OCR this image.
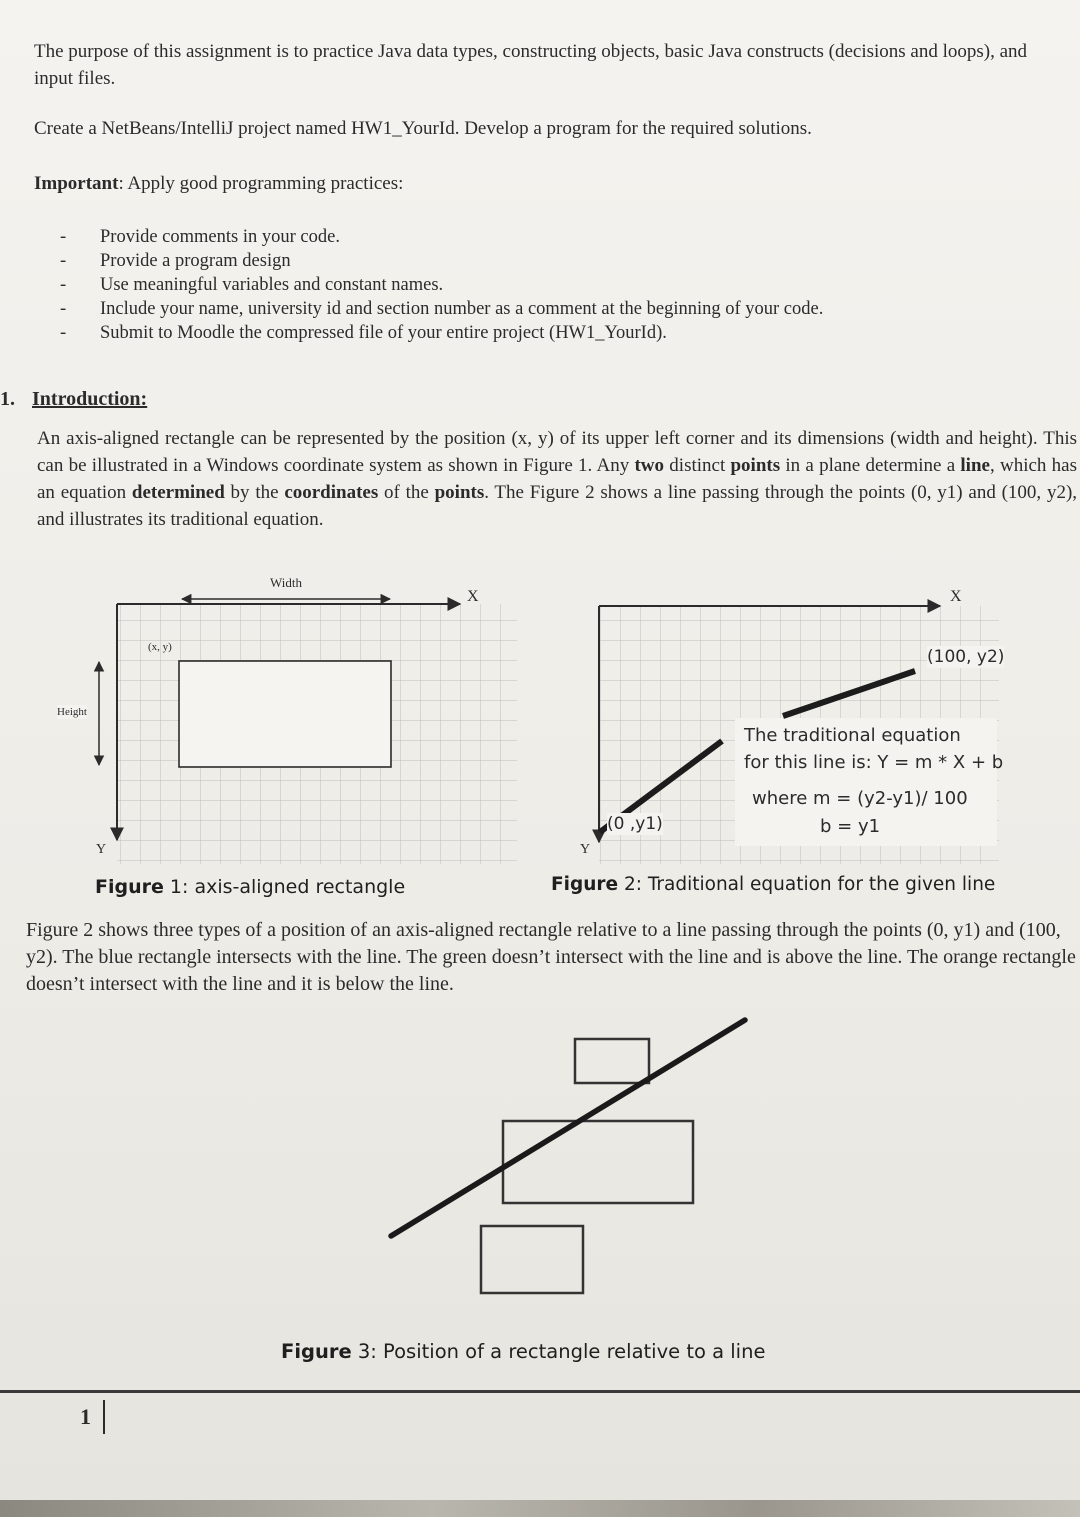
The purpose of this assignment is to practice Java data types, constructing objects, basic Java constructs (decisions and loops), and input files.
Create a NetBeans/IntelliJ project named HW1_YourId. Develop a program for the required solutions.
Important: Apply good programming practices:
- Provide comments in your code.
- Provide a program design
- Use meaningful variables and constant names.
- Include your name, university id and section number as a comment at the beginning of your code.
- Submit to Moodle the compressed file of your entire project (HW1_YourId).
1. Introduction:
An axis-aligned rectangle can be represented by the position (x, y) of its upper left corner and its dimensions (width and height). This can be illustrated in a Windows coordinate system as shown in Figure 1. Any two distinct points in a plane determine a line, which has an equation determined by the coordinates of the points. The Figure 2 shows a line passing through the points (0, y1) and (100, y2), and illustrates its traditional equation.
Width
X
Y
Height
(x, y)
Figure 1: axis-aligned rectangle
X
Y
(100, y2)
(0 ,y1)
The traditional equation
for this line is: Y = m * X + b
where m = (y2-y1)/ 100
b = y1
Figure 2: Traditional equation for the given line
Figure 2 shows three types of a position of an axis-aligned rectangle relative to a line passing through the points (0, y1) and (100, y2). The blue rectangle intersects with the line. The green doesn’t intersect with the line and is above the line. The orange rectangle doesn’t intersect with the line and it is below the line.
Figure 3: Position of a rectangle relative to a line
1
